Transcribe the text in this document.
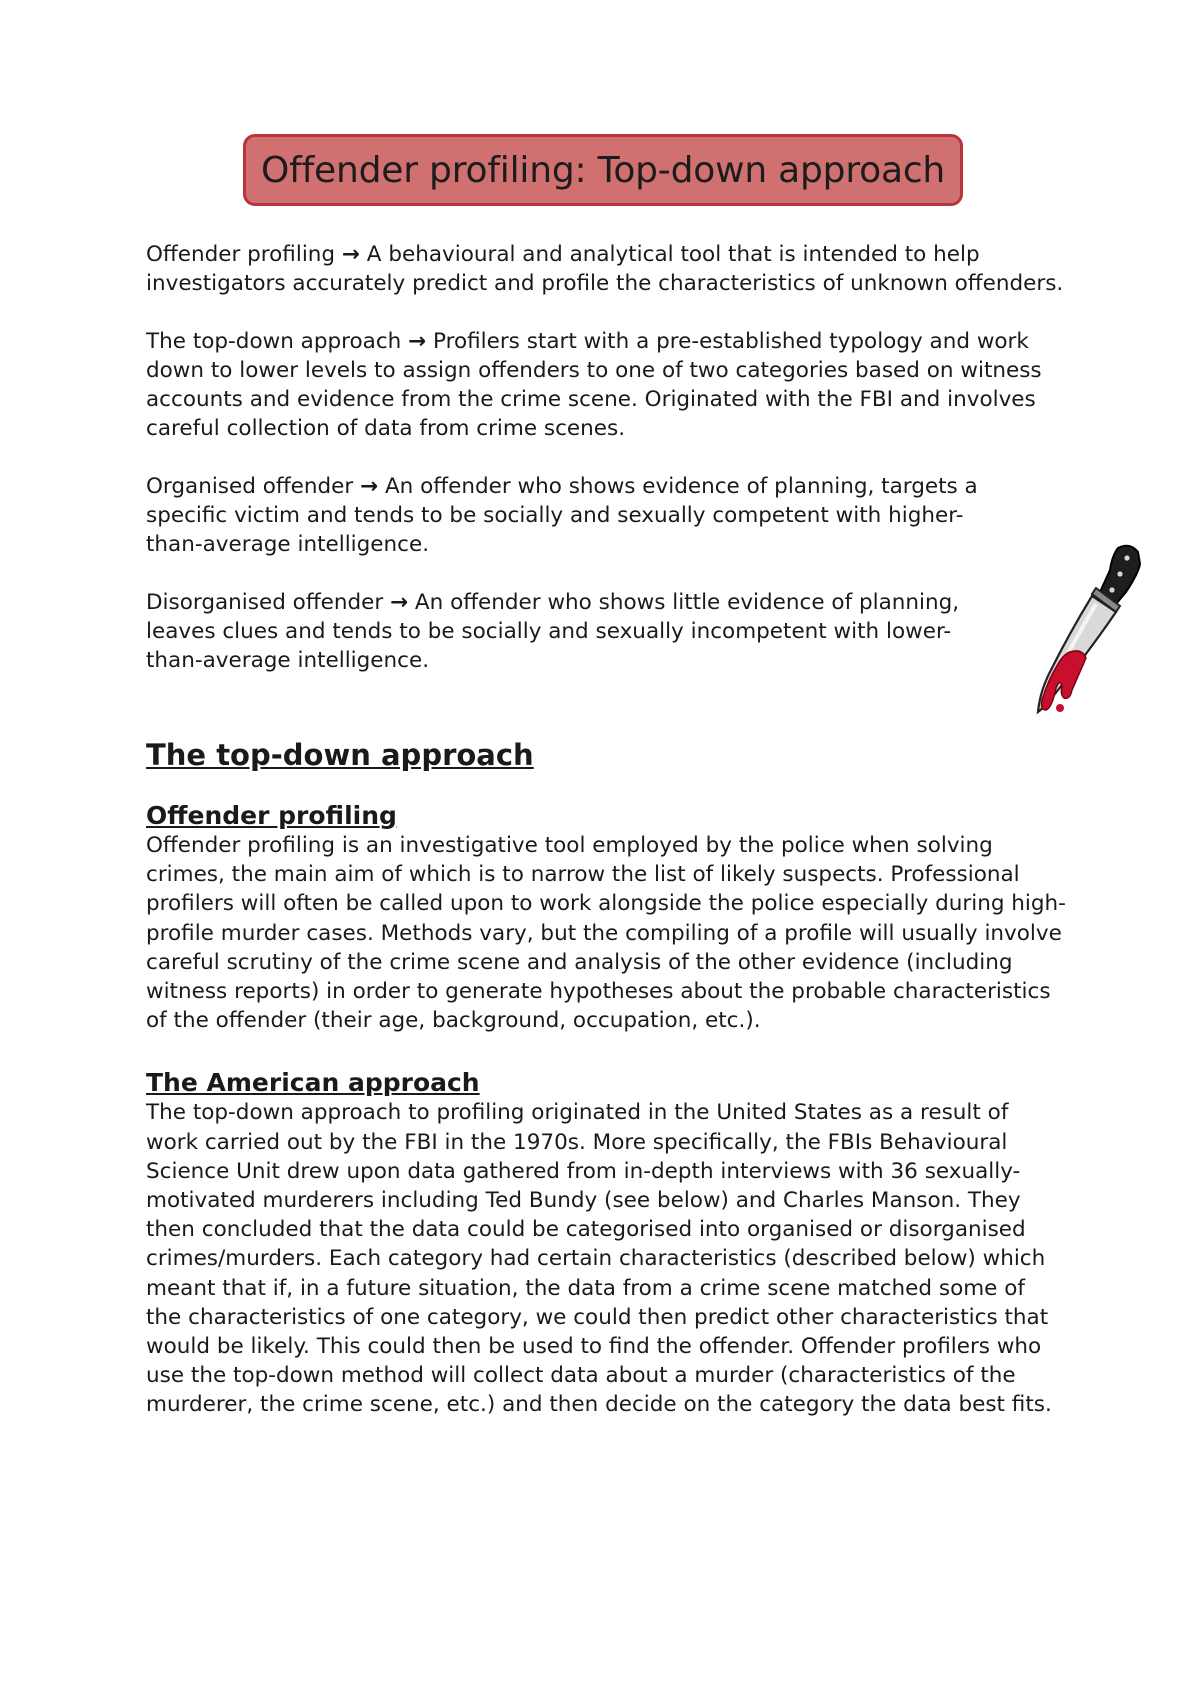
Offender profiling: Top-down approach

Offender profiling → A behavioural and analytical tool that is intended to help investigators accurately predict and profile the characteristics of unknown offenders.

The top-down approach → Profilers start with a pre-established typology and work down to lower levels to assign offenders to one of two categories based on witness accounts and evidence from the crime scene. Originated with the FBI and involves careful collection of data from crime scenes.

Organised offender → An offender who shows evidence of planning, targets a specific victim and tends to be socially and sexually competent with higher-than-average intelligence.

Disorganised offender → An offender who shows little evidence of planning, leaves clues and tends to be socially and sexually incompetent with lower-than-average intelligence.

The top-down approach
Offender profiling

Offender profiling is an investigative tool employed by the police when solving crimes, the main aim of which is to narrow the list of likely suspects. Professional profilers will often be called upon to work alongside the police especially during high-profile murder cases. Methods vary, but the compiling of a profile will usually involve careful scrutiny of the crime scene and analysis of the other evidence (including witness reports) in order to generate hypotheses about the probable characteristics of the offender (their age, background, occupation, etc.).

The American approach

The top-down approach to profiling originated in the United States as a result of work carried out by the FBI in the 1970s. More specifically, the FBIs Behavioural Science Unit drew upon data gathered from in-depth interviews with 36 sexually-motivated murderers including Ted Bundy (see below) and Charles Manson. They then concluded that the data could be categorised into organised or disorganised crimes/murders. Each category had certain characteristics (described below) which meant that if, in a future situation, the data from a crime scene matched some of the characteristics of one category, we could then predict other characteristics that would be likely. This could then be used to find the offender. Offender profilers who use the top-down method will collect data about a murder (characteristics of the murderer, the crime scene, etc.) and then decide on the category the data best fits.
